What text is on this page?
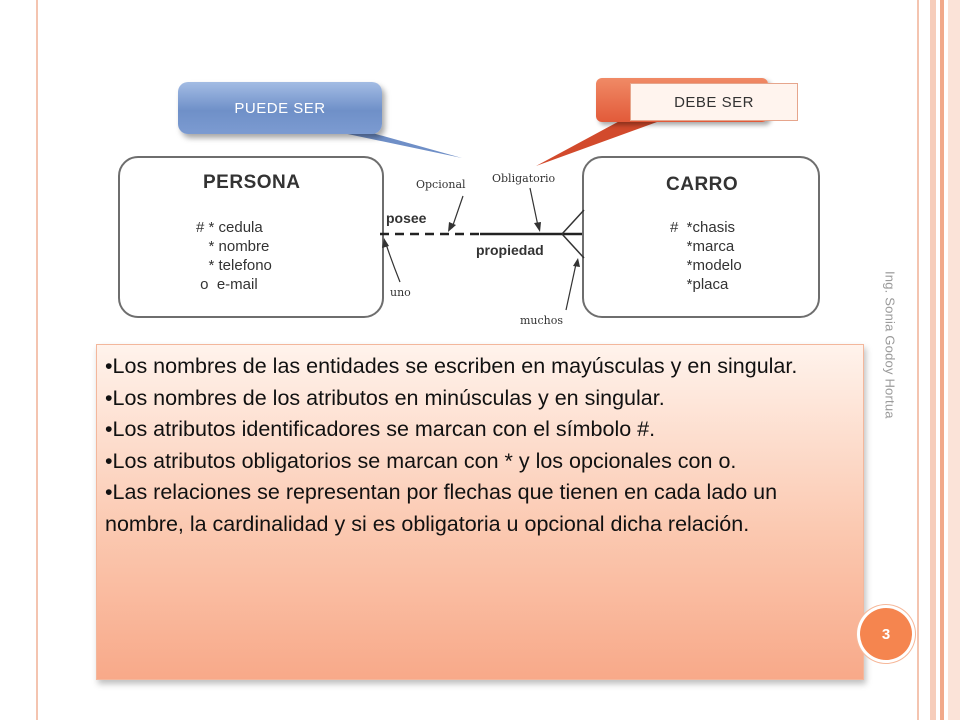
PUEDE SER	DEBE SER
PERSONA
# * cedula
* nombre
* telefono
o  e-mail
CARRO
#  *chasis
*marca
*modelo
*placa
Opcional Obligatorio
uno
muchos
posee
propiedad

•Los nombres de las entidades se escriben en mayúsculas y en singular.

•Los nombres de los atributos en minúsculas y en singular.

•Los atributos identificadores se marcan con el símbolo #.

•Los atributos obligatorios se marcan con * y los opcionales con o.

•Las relaciones se representan por flechas que tienen en cada lado un nombre, la cardinalidad y si es obligatoria u opcional dicha relación.

Ing. Sonia Godoy Hortua
3
